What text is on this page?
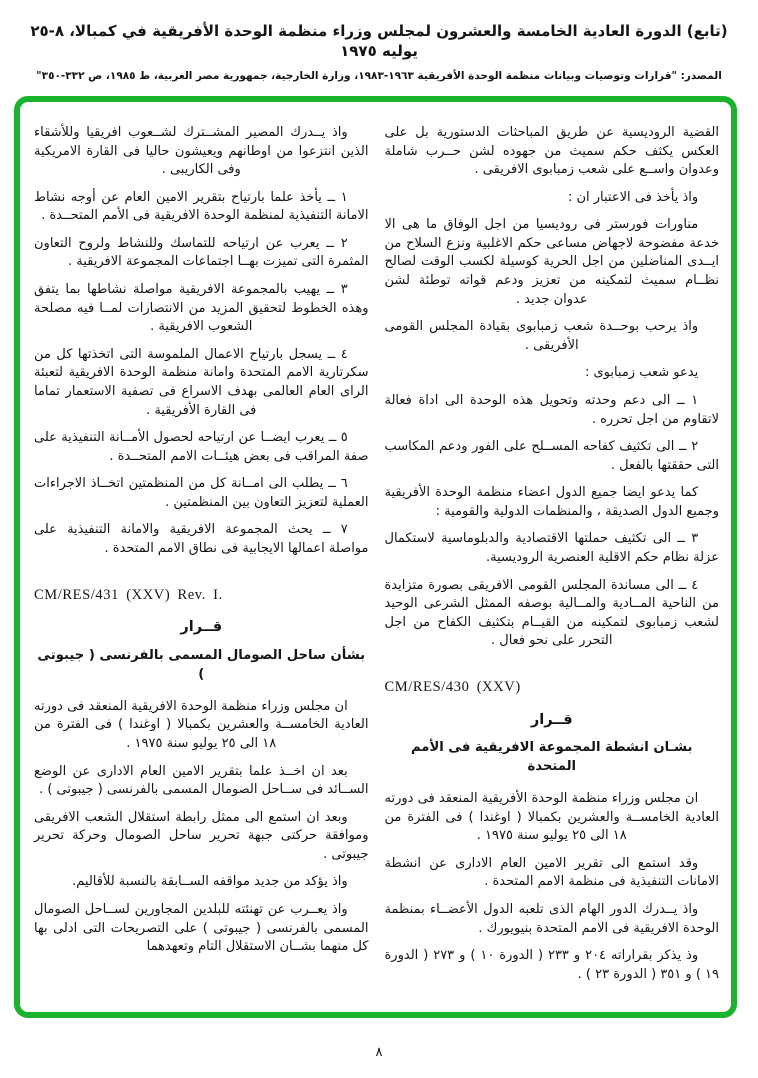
(تابع) الدورة العادية الخامسة والعشرون لمجلس وزراء منظمة الوحدة الأفريقية في كمبالا، ٨-٢٥ يوليه ١٩٧٥
المصدر: "قرارات وتوصيات وبيانات منظمة الوحدة الأفريقية ١٩٦٣-١٩٨٣، وزارة الخارجية، جمهورية مصر العربية، ط ١٩٨٥، ص ٣٣٢-٣٥٠"

القضية الروديسية عن طريق المباحثات الدستورية بل على العكس يكثف حكم سميث من جهوده لشن حــرب شاملة وعدوان واســع على شعب زمبابوى الافريقى .

واذ يأخذ فى الاعتبار ان :

مناورات فورستر فى روديسيا من اجل الوفاق ما هى الا خدعة مفضوحة لاجهاض مساعى حكم الاغلبية ونزع السلاح من ايــدى المناضلين من اجل الحرية كوسيلة لكسب الوقت لصالح نظــام سميث لتمكينه من تعزيز ودعم قواته توطئة لشن عدوان جديد .

واذ يرحب بوحــدة شعب زمبابوى بقيادة المجلس القومى الأفريقى .

يدعو شعب زمبابوى :

١ ــ الى دعم وحدته وتحويل هذه الوحدة الى اداة فعالة لاتقاوم من اجل تحرره .

٢ ــ الى تكثيف كفاحه المســلح على الفور ودعم المكاسب التى حققتها بالفعل .

كما يدعو ايضا جميع الدول اعضاء منظمة الوحدة الأفريقية وجميع الدول الصديقة ، والمنظمات الدولية والقومية :

٣ ــ الى تكثيف حملتها الاقتصادية والدبلوماسية لاستكمال عزلة نظام حكم الاقلية العنصرية الروديسية.

٤ ــ الى مساندة المجلس القومى الافريقى بصورة متزايدة من الناحية المــادية والمــالية بوصفه الممثل الشرعى الوحيد لشعب زمبابوى لتمكينه من القيــام بتكثيف الكفاح من اجل التحرر على نحو فعال .

CM/RES/430 (XXV)

قــرار

بشـان انشطة المجموعة الافريقية فى الأمم المتحدة

ان مجلس وزراء منظمة الوحدة الأفريقية المنعقد فى دورته العادية الخامســة والعشرين بكمبالا ( اوغندا ) فى الفترة من ١٨ الى ٢٥ يوليو سنة ١٩٧٥ .

وقد استمع الى تقرير الامين العام الادارى عن انشطة الامانات التنفيذية فى منظمة الامم المتحدة .

واذ يــدرك الدور الهام الذى تلعبه الدول الأعضــاء بمنظمة الوحدة الافريقية فى الامم المتحدة بنيويورك .

وذ يذكر بقراراته ٢٠٤ و ٢٣٣ ( الدورة ١٠ ) و ٢٧٣ ( الدورة ١٩ ) و ٣٥١ ( الدورة ٢٣ ) .

واذ يــدرك المصير المشــترك لشــعوب افريقيا وللأشقاء الذين انتزعوا من اوطانهم ويعيشون حاليا فى القارة الامريكية وفى الكاريبى .

١ ــ يأخذ علما بارتياح بتقرير الامين العام عن أوجه نشاط الامانة التنفيذية لمنظمة الوحدة الافريقية فى الأمم المتحــدة .

٢ ــ يعرب عن ارتياحه للتماسك وللنشاط ولروح التعاون المثمرة التى تميزت بهــا اجتماعات المجموعة الافريقية .

٣ ــ يهيب بالمجموعة الافريقية مواصلة نشاطها بما يتفق وهذه الخطوط لتحقيق المزيد من الانتصارات لمــا فيه مصلحة الشعوب الافريقية .

٤ ــ يسجل بارتياح الاعمال الملموسة التى اتخذتها كل من سكرتارية الامم المتحدة وامانة منظمة الوحدة الافريقية لتعبئة الراى العام العالمى بهدف الاسراع فى تصفية الاستعمار تماما فى القارة الأفريقية .

٥ ــ يعرب ايضــا عن ارتياحه لحصول الأمــانة التنفيذية على صفة المراقب فى بعض هيئــات الامم المتحــدة .

٦ ــ يطلب الى امــانة كل من المنظمتين اتخــاذ الاجراءات العملية لتعزيز التعاون بين المنظمتين .

٧ ــ يحث المجموعة الافريقية والامانة التنفيذية على مواصلة اعمالها الايجابية فى نطاق الامم المتحدة .

CM/RES/431 (XXV) Rev. I.

قــرار

بشأن ساحل الصومال المسمى بالفرنسى ( جيبوتى )

ان مجلس وزراء منظمة الوحدة الافريقية المنعقد فى دورته العادية الخامســة والعشرين بكمبالا ( اوغندا ) فى الفترة من ١٨ الى ٢٥ يوليو سنة ١٩٧٥ .

بعد ان اخــذ علما بتقرير الامين العام الادارى عن الوضع الســائد فى ســاحل الصومال المسمى بالفرنسى ( جيبوتى ) .

وبعد ان استمع الى ممثل رابطة استقلال الشعب الافريقى وموافقة حركتى جبهة تحرير ساحل الصومال وحركة تحرير جيبوتى .

واذ يؤكد من جديد مواقفه الســابقة بالنسبة للأقاليم.

واذ يعــرب عن تهنئته للبلدين المجاورين لســاحل الصومال المسمى بالفرنسى ( جيبوتى ) على التصريحات التى ادلى بها كل منهما بشــان الاستقلال التام وتعهدهما

٨
